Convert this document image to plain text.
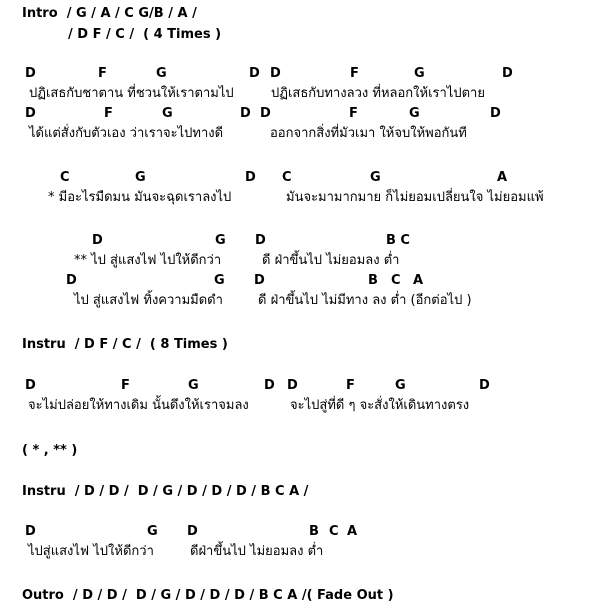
Intro  / G / A / C G/B / A /
/ D F / C /  ( 4 Times )
D	F	G	D D	F	G	D
ปฏิเสธกับชาตาน ที่ชวนให้เราตามไป	ปฏิเสธกับทางลวง ที่หลอกให้เราไปตาย
D	F	G	D D	F	G	D
ได้แต่สั่งกับตัวเอง ว่าเราจะไปทางดี	ออกจากสิ่งที่มัวเมา ให้จบให้พอกันที
C	G	D C	G	A
* มีอะไรมืดมน มันจะฉุดเราลงไป	มันจะมามากมาย ก็ไม่ยอมเปลี่ยนใจ ไม่ยอมแพ้
D	G D	B C
** ไป สู่แสงไฟ ไปให้ดีกว่า	ดี ฝ่าขึ้นไป ไม่ยอมลง ต่ำ
D	G D	B C A
ไป สู่แสงไฟ ทิ้งความมืดดำ	ดี ฝ่าขึ้นไป ไม่มีทาง ลง ต่ำ (อีกต่อไป )
Instru  / D F / C /  ( 8 Times )
D	F	G	D D	F	G	D
จะไม่ปล่อยให้ทางเดิม นั้นดึงให้เราจมลง	จะไปสู่ที่ดี ๆ จะสั่งให้เดินทางตรง
( * , ** )
Instru  / D / D /  D / G / D / D / D / B C A /
D	G D	B C A
ไปสู่แสงไฟ ไปให้ดีกว่า	ดีฝ่าขึ้นไป ไม่ยอมลง ต่ำ
Outro  / D / D /  D / G / D / D / D / B C A /( Fade Out )
